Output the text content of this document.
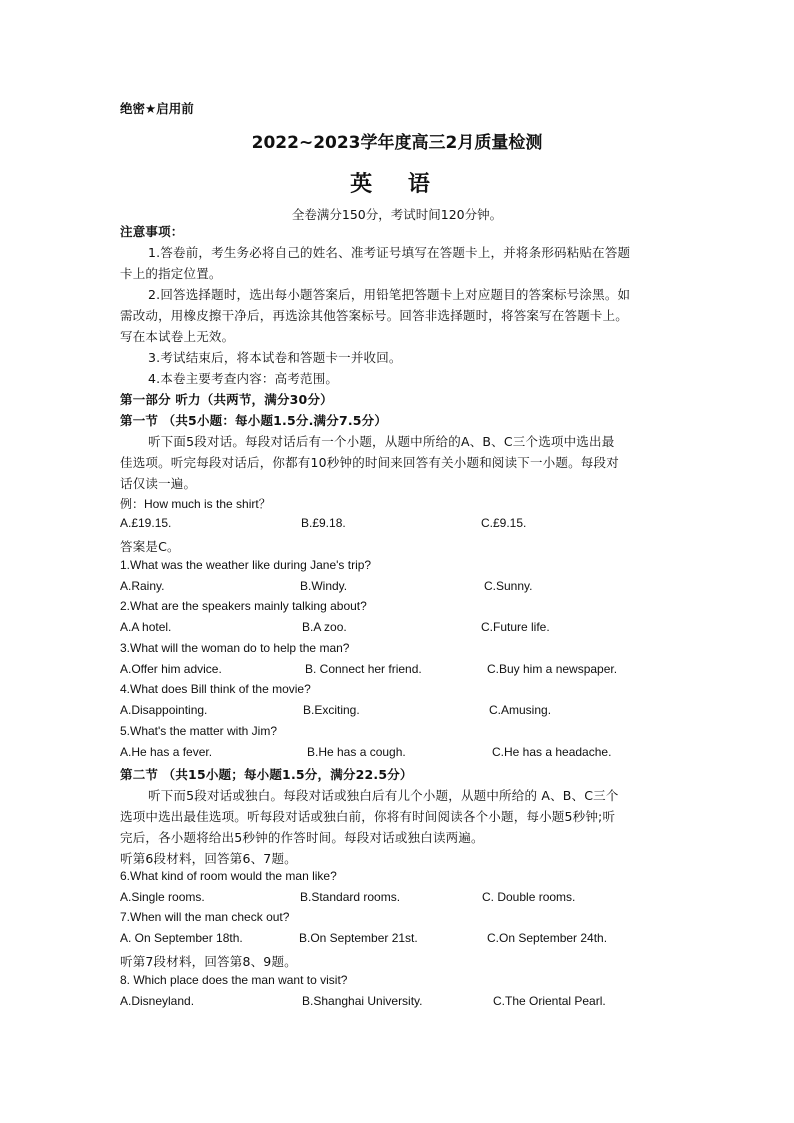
绝密★启用前
2022~2023学年度高三2月质量检测
英 语
全卷满分150分，考试时间120分钟。
注意事项：
1.答卷前，考生务必将自己的姓名、准考证号填写在答题卡上，并将条形码粘贴在答题
卡上的指定位置。
2.回答选择题时，选出每小题答案后，用铅笔把答题卡上对应题目的答案标号涂黑。如
需改动，用橡皮擦干净后，再选涂其他答案标号。回答非选择题时，将答案写在答题卡上。
写在本试卷上无效。
3.考试结束后，将本试卷和答题卡一并收回。
4.本卷主要考查内容：高考范围。
第一部分 听力（共两节，满分30分）
第一节 （共5小题：每小题1.5分.满分7.5分）
听下面5段对话。每段对话后有一个小题，从题中所给的A、B、C三个选项中选出最
佳选项。听完每段对话后，你都有10秒钟的时间来回答有关小题和阅读下一小题。每段对
话仅读一遍。
例：How much is the shirt？
A.£19.15.	B.£9.18.	C.£9.15.
答案是C。
1.What was the weather like during Jane's trip?
A.Rainy.	B.Windy.	C.Sunny.
2.What are the speakers mainly talking about?
A.A hotel.	B.A zoo.	C.Future life.
3.What will the woman do to help the man?
A.Offer him advice.	B. Connect her friend.	C.Buy him a newspaper.
4.What does Bill think of the movie?
A.Disappointing.	B.Exciting.	C.Amusing.
5.What's the matter with Jim?
A.He has a fever.	B.He has a cough.	C.He has a headache.
第二节 （共15小题；每小题1.5分，满分22.5分）
听下而5段对话或独白。每段对话或独白后有儿个小题，从题中所给的 A、B、C三个
选项中选出最佳选项。听每段对话或独白前，你将有时间阅读各个小题，每小题5秒钟;听
完后，各小题将给出5秒钟的作答时间。每段对话或独白读两遍。
听第6段材料，回答第6、7题。
6.What kind of room would the man like?
A.Single rooms.	B.Standard rooms.	C. Double rooms.
7.When will the man check out?
A. On September 18th.	B.On September 21st.	C.On September 24th.
听第7段材料，回答第8、9题。
8. Which place does the man want to visit?
A.Disneyland.	B.Shanghai University.	C.The Oriental Pearl.
